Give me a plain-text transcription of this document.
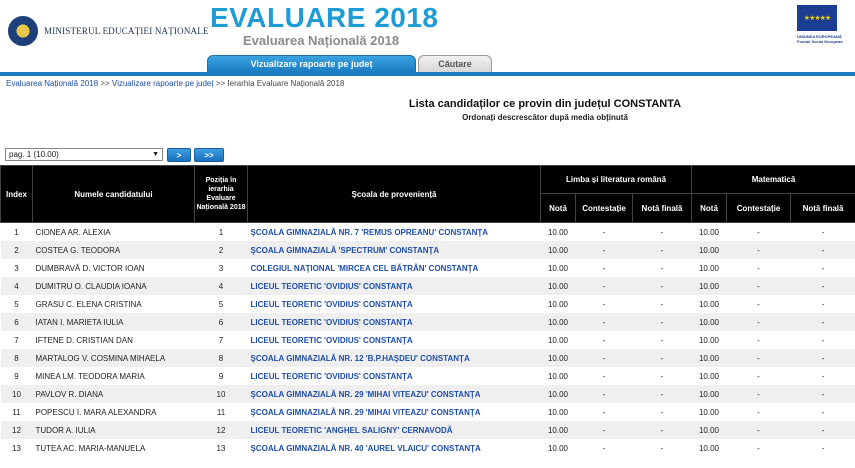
MINISTERUL EDUCAȚIEI NAȚIONALE EVALUARE 2018
Evaluarea Națională 2018
★★★★★
UNIUNEA EUROPEANĂ Fondul Social European
Vizualizare rapoarte pe județ	Căutare
Evaluarea Națională 2018 >> Vizualizare rapoarte pe județ >> Ierarhia Evaluare Națională 2018
Lista candidaților ce provin din județul CONSTANTA
Ordonați descrescător după media obținută
pag. 1 (10.00)	▼	>	>>
Index	Numele candidatului	Poziția în ierarhia Evaluare Națională 2018	Școala de proveniență	Limba și literatura română			Matematică		
				Notă	Contestație	Notă finală	Notă	Contestație	Notă finală
1	CIONEA AR. ALEXIA	1	ŞCOALA GIMNAZIALĂ NR. 7 'REMUS OPREANU' CONSTANŢA	10.00	-	-	10.00	-	-
2	COSTEA G. TEODORA	2	ŞCOALA GIMNAZIALĂ 'SPECTRUM' CONSTANŢA	10.00	-	-	10.00	-	-
3	DUMBRAVĂ D. VICTOR IOAN	3	COLEGIUL NAŢIONAL 'MIRCEA CEL BĂTRÂN' CONSTANŢA	10.00	-	-	10.00	-	-
4	DUMITRU O. CLAUDIA IOANA	4	LICEUL TEORETIC 'OVIDIUS' CONSTANŢA	10.00	-	-	10.00	-	-
5	GRASU C. ELENA CRISTINA	5	LICEUL TEORETIC 'OVIDIUS' CONSTANŢA	10.00	-	-	10.00	-	-
6	IATAN I. MARIETA IULIA	6	LICEUL TEORETIC 'OVIDIUS' CONSTANŢA	10.00	-	-	10.00	-	-
7	IFTENE D. CRISTIAN DAN	7	LICEUL TEORETIC 'OVIDIUS' CONSTANŢA	10.00	-	-	10.00	-	-
8	MARTALOG V. COSMINA MIHAELA	8	ŞCOALA GIMNAZIALĂ NR. 12 'B.P.HAŞDEU' CONSTANŢA	10.00	-	-	10.00	-	-
9	MINEA LM. TEODORA MARIA	9	LICEUL TEORETIC 'OVIDIUS' CONSTANŢA	10.00	-	-	10.00	-	-
10	PAVLOV R. DIANA	10	ŞCOALA GIMNAZIALĂ NR. 29 'MIHAI VITEAZU' CONSTANŢA	10.00	-	-	10.00	-	-
11	POPESCU I. MARA ALEXANDRA	11	ŞCOALA GIMNAZIALĂ NR. 29 'MIHAI VITEAZU' CONSTANŢA	10.00	-	-	10.00	-	-
12	TUDOR A. IULIA	12	LICEUL TEORETIC 'ANGHEL SALIGNY' CERNAVODĂ	10.00	-	-	10.00	-	-
13	TUTEA AC. MARIA-MANUELA	13	ŞCOALA GIMNAZIALĂ NR. 40 'AUREL VLAICU' CONSTANŢA	10.00	-	-	10.00	-	-
